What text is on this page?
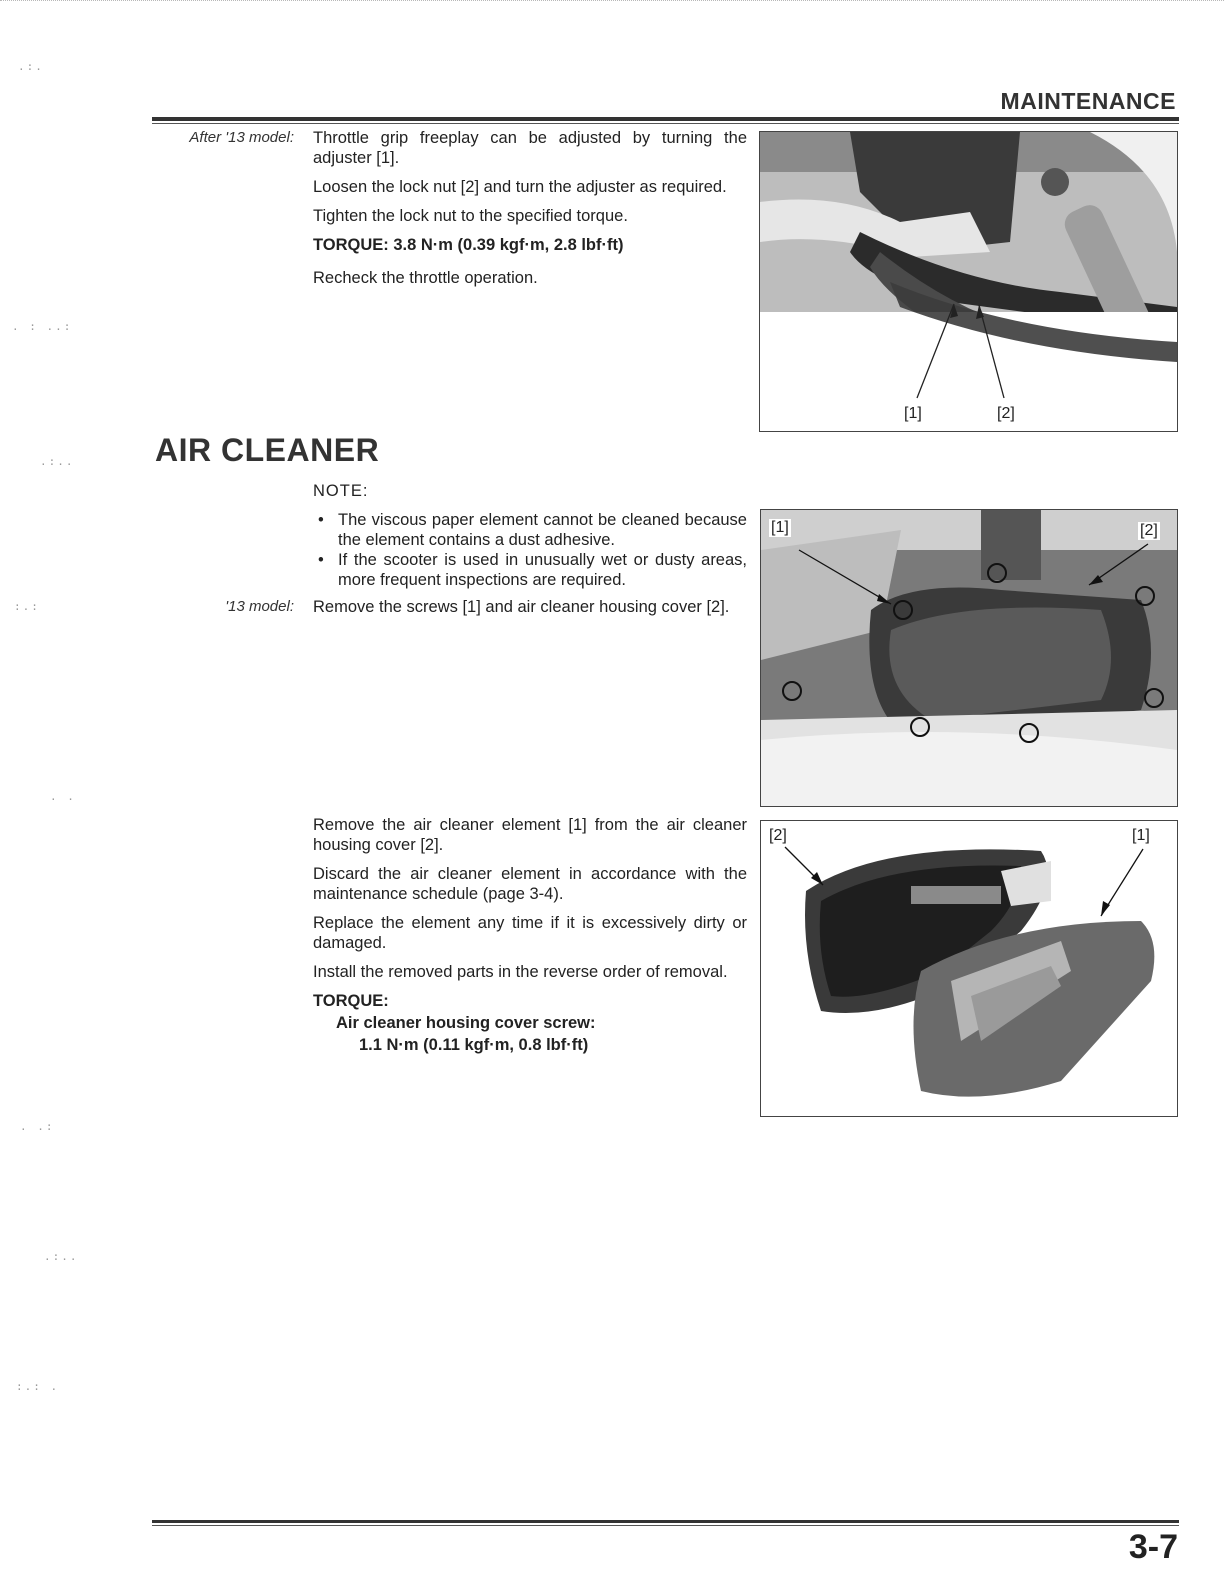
.:.
. : ..:
.:..
:.:
. .
. .:
.:..
:.: .
MAINTENANCE
After '13 model: Throttle grip freeplay can be adjusted by turning the adjuster [1].

Loosen the lock nut [2] and turn the adjuster as required.

Tighten the lock nut to the specified torque.

TORQUE: 3.8 N·m (0.39 kgf·m, 2.8 lbf·ft)

Recheck the throttle operation.

[1]	[2]
AIR CLEANER

NOTE:

• The viscous paper element cannot be cleaned because the element contains a dust adhesive.
• If the scooter is used in unusually wet or dusty areas, more frequent inspections are required.
'13 model: Remove the screws [1] and air cleaner housing cover [2].

[1]	[2]

Remove the air cleaner element [1] from the air cleaner housing cover [2].

Discard the air cleaner element in accordance with the maintenance schedule (page 3-4).

Replace the element any time if it is excessively dirty or damaged.

Install the removed parts in the reverse order of removal.

TORQUE:

Air cleaner housing cover screw:

1.1 N·m (0.11 kgf·m, 0.8 lbf·ft)

[2]	[1]
3-7
